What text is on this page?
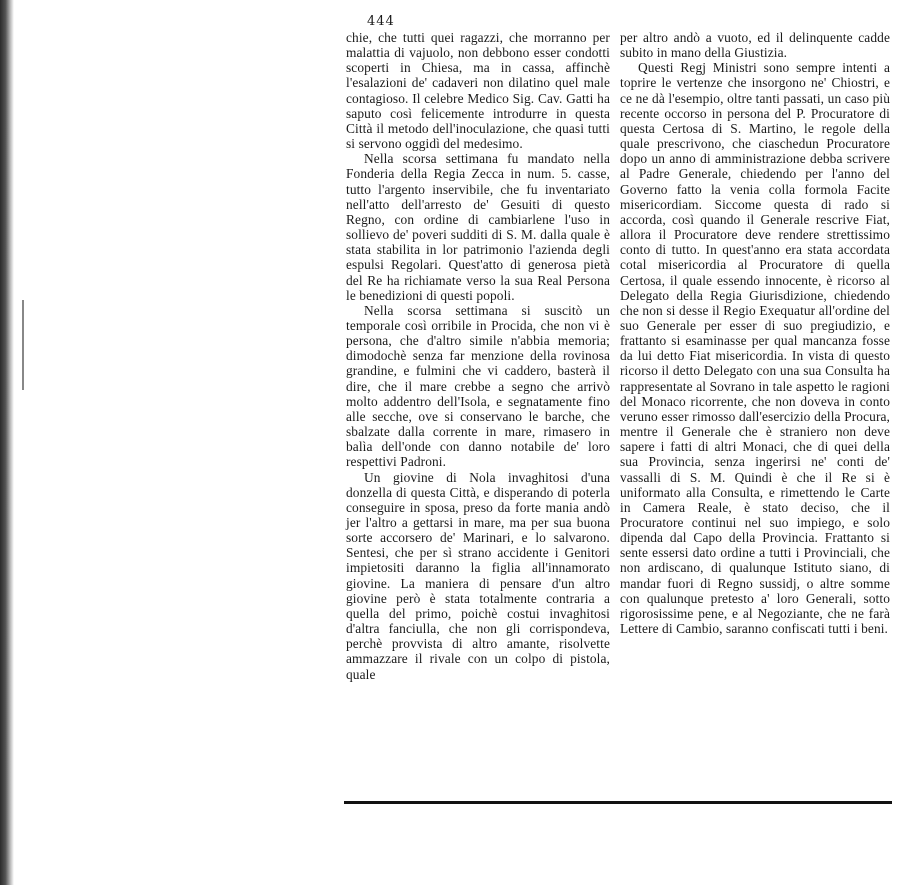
444

chie, che tutti quei ragazzi, che morranno per malattia di vajuolo, non debbono esser condotti scoperti in Chiesa, ma in cassa, affinchè l'esalazioni de' cadaveri non dilatino quel male contagioso. Il celebre Medico Sig. Cav. Gatti ha saputo così felicemente introdurre in questa Città il metodo dell'inoculazione, che quasi tutti si servono oggidì del medesimo.

Nella scorsa settimana fu mandato nella Fonderia della Regia Zecca in num. 5. casse, tutto l'argento inservibile, che fu inventariato nell'atto dell'arresto de' Gesuiti di questo Regno, con ordine di cambiarlene l'uso in sollievo de' poveri sudditi di S. M. dalla quale è stata stabilita in lor patrimonio l'azienda degli espulsi Regolari. Quest'atto di generosa pietà del Re ha richiamate verso la sua Real Persona le benedizioni di questi popoli.

Nella scorsa settimana si suscitò un temporale così orribile in Procida, che non vi è persona, che d'altro simile n'abbia memoria; dimodochè senza far menzione della rovinosa grandine, e fulmini che vi caddero, basterà il dire, che il mare crebbe a segno che arrivò molto addentro dell'Isola, e segnatamente fino alle secche, ove si conservano le barche, che sbalzate dalla corrente in mare, rimasero in balìa dell'onde con danno notabile de' loro respettivi Padroni.

Un giovine di Nola invaghitosi d'una donzella di questa Città, e disperando di poterla conseguire in sposa, preso da forte mania andò jer l'altro a gettarsi in mare, ma per sua buona sorte accorsero de' Marinari, e lo salvarono. Sentesi, che per sì strano accidente i Genitori impietositi daranno la figlia all'innamorato giovine. La maniera di pensare d'un altro giovine però è stata totalmente contraria a quella del primo, poichè costui invaghitosi d'altra fanciulla, che non gli corrispondeva, perchè provvista di altro amante, risolvette ammazzare il rivale con un colpo di pistola, quale

per altro andò a vuoto, ed il delinquente cadde subito in mano della Giustizia.

Questi Regj Ministri sono sempre intenti a toprire le vertenze che insorgono ne' Chiostri, e ce ne dà l'esempio, oltre tanti passati, un caso più recente occorso in persona del P. Procuratore di questa Certosa di S. Martino, le regole della quale prescrivono, che ciaschedun Procuratore dopo un anno di amministrazione debba scrivere al Padre Generale, chiedendo per l'anno del Governo fatto la venia colla formola Facite misericordiam. Siccome questa di rado si accorda, così quando il Generale rescrive Fiat, allora il Procuratore deve rendere strettissimo conto di tutto. In quest'anno era stata accordata cotal misericordia al Procuratore di quella Certosa, il quale essendo innocente, è ricorso al Delegato della Regia Giurisdizione, chiedendo che non si desse il Regio Exequatur all'ordine del suo Generale per esser di suo pregiudizio, e frattanto si esaminasse per qual mancanza fosse da lui detto Fiat misericordia. In vista di questo ricorso il detto Delegato con una sua Consulta ha rappresentate al Sovrano in tale aspetto le ragioni del Monaco ricorrente, che non doveva in conto veruno esser rimosso dall'esercizio della Procura, mentre il Generale che è straniero non deve sapere i fatti di altri Monaci, che di quei della sua Provincia, senza ingerirsi ne' conti de' vassalli di S. M. Quindi è che il Re si è uniformato alla Consulta, e rimettendo le Carte in Camera Reale, è stato deciso, che il Procuratore continui nel suo impiego, e solo dipenda dal Capo della Provincia. Frattanto si sente essersi dato ordine a tutti i Provinciali, che non ardiscano, di qualunque Istituto siano, di mandar fuori di Regno sussidj, o altre somme con qualunque pretesto a' loro Generali, sotto rigorosissime pene, e al Negoziante, che ne farà Lettere di Cambio, saranno confiscati tutti i beni.
